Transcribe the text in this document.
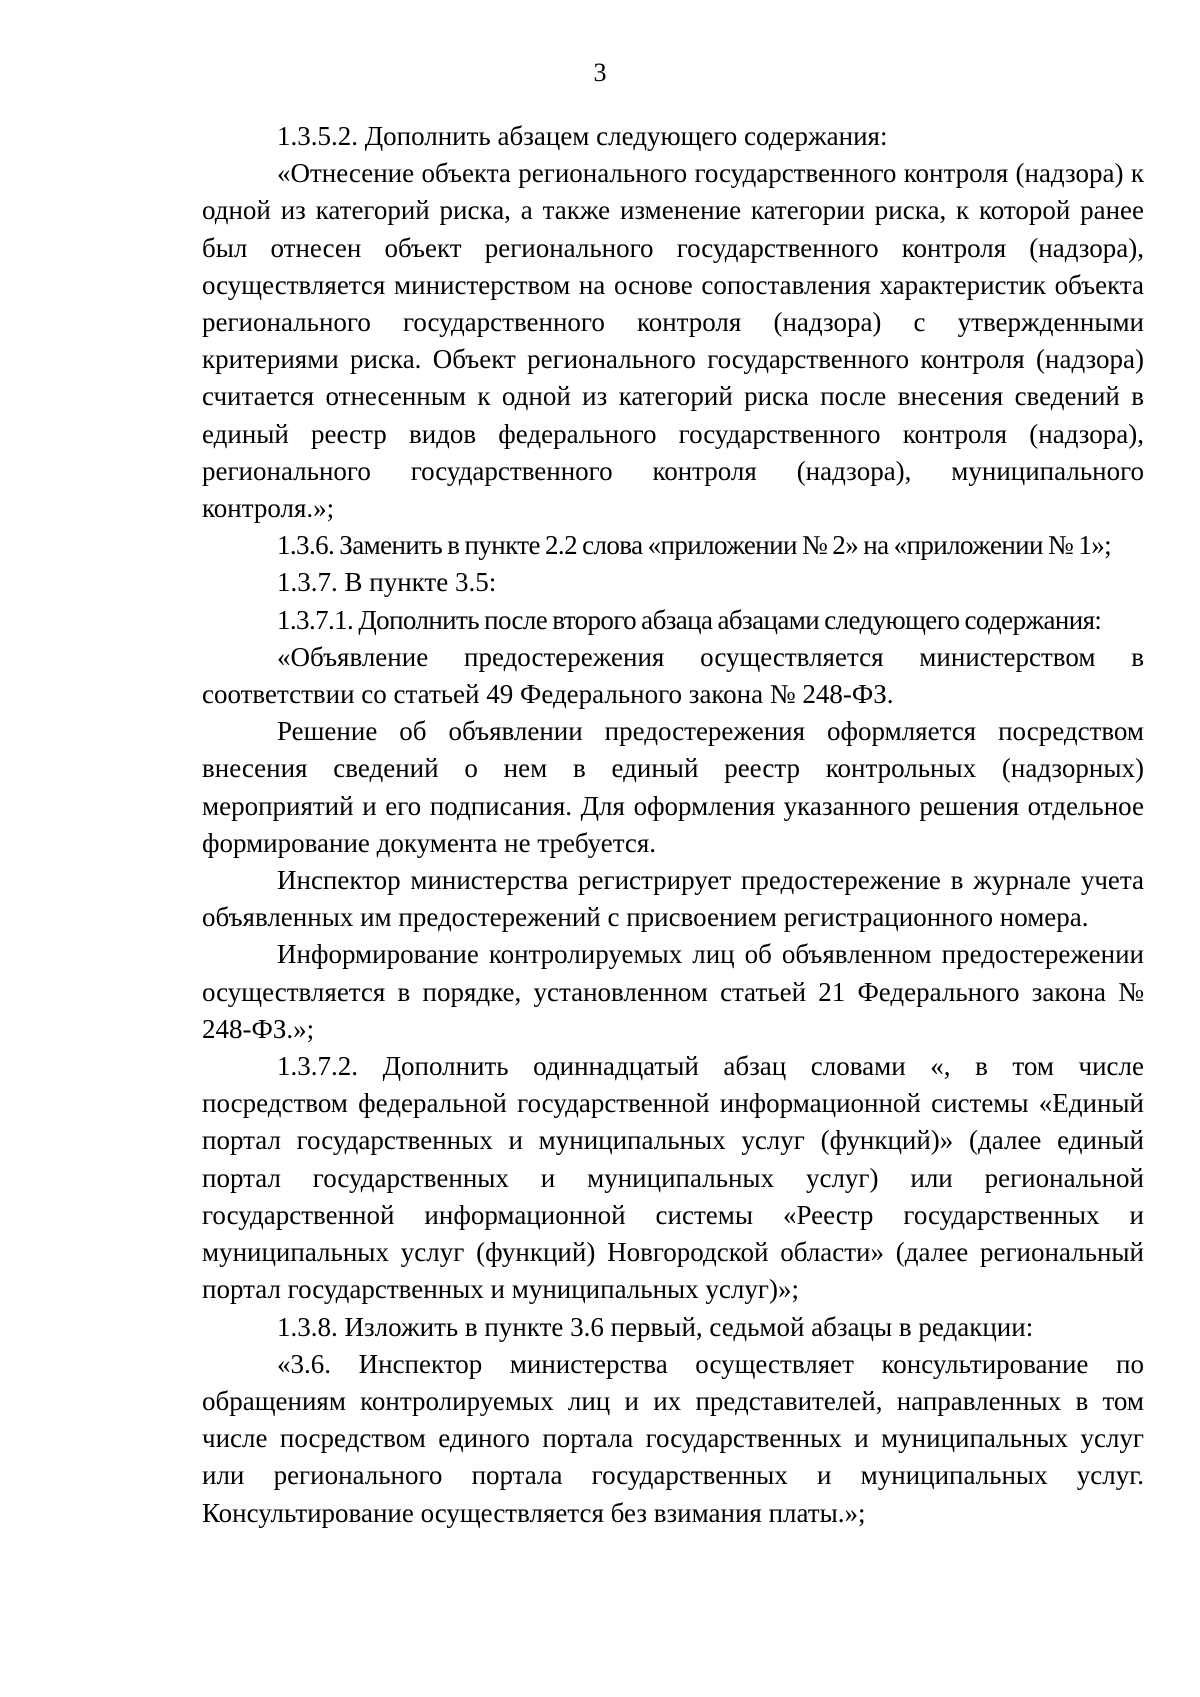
3

1.3.5.2. Дополнить абзацем следующего содержания:

«Отнесение объекта регионального государственного контроля (надзора) к одной из категорий риска, а также изменение категории риска, к которой ранее был отнесен объект регионального государственного контроля (надзора), осуществляется министерством на основе сопоставления характеристик объекта регионального государственного контроля (надзора) с утвержденными критериями риска. Объект регионального государственного контроля (надзора) считается отнесенным к одной из категорий риска после внесения сведений в единый реестр видов федерального государственного контроля (надзора), регионального государственного контроля (надзора), муниципального контроля.»;

1.3.6. Заменить в пункте 2.2 слова «приложении № 2» на «приложении № 1»;

1.3.7. В пункте 3.5:

1.3.7.1. Дополнить после второго абзаца абзацами следующего содержания:

«Объявление предостережения осуществляется министерством в соответствии со статьей 49 Федерального закона № 248-ФЗ.

Решение об объявлении предостережения оформляется посредством внесения сведений о нем в единый реестр контрольных (надзорных) мероприятий и его подписания. Для оформления указанного решения отдельное формирование документа не требуется.

Инспектор министерства регистрирует предостережение в журнале учета объявленных им предостережений с присвоением регистрационного номера.

Информирование контролируемых лиц об объявленном предостережении осуществляется в порядке, установленном статьей 21 Федерального закона № 248-ФЗ.»;

1.3.7.2. Дополнить одиннадцатый абзац словами «, в том числе посредством федеральной государственной информационной системы «Единый портал государственных и муниципальных услуг (функций)» (далее единый портал государственных и муниципальных услуг) или региональной государственной информационной системы «Реестр государственных и муниципальных услуг (функций) Новгородской области» (далее региональный портал государственных и муниципальных услуг)»;

1.3.8. Изложить в пункте 3.6 первый, седьмой абзацы в редакции:

«3.6. Инспектор министерства осуществляет консультирование по обращениям контролируемых лиц и их представителей, направленных в том числе посредством единого портала государственных и муниципальных услуг или регионального портала государственных и муниципальных услуг. Консультирование осуществляется без взимания платы.»;
